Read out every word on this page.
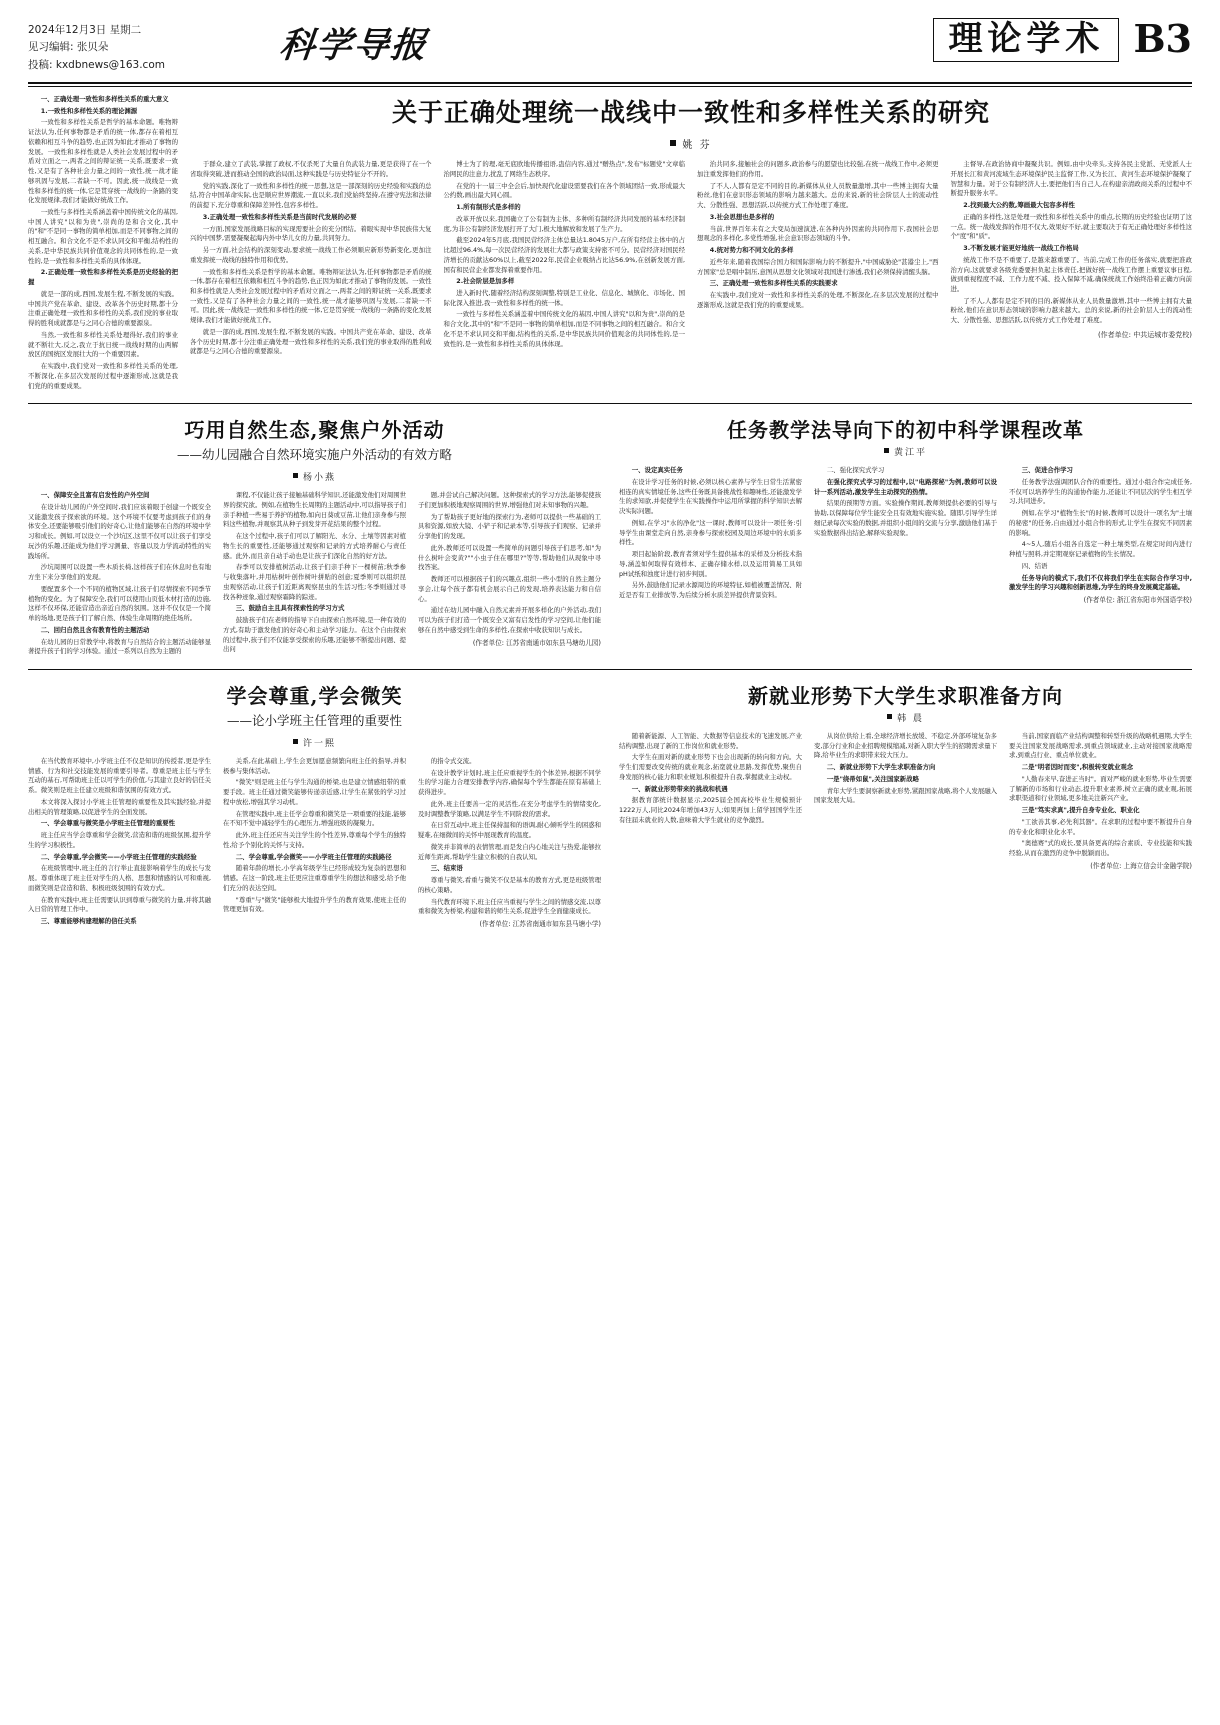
2024年12月3日 星期二
见习编辑: 张贝朵
投稿: kxdbnews@163.com	科学导报	理论学术 B3

一、正确处理一致性和多样性关系的重大意义

1.一致性和多样性关系的理论渊源

一致性和多样性关系是哲学的基本命题。唯物辩证法认为,任何事物都是矛盾的统一体,都存在着相互依赖和相互斗争的趋势,也正因为如此才推动了事物的发展。一致性和多样性就是人类社会发展过程中的矛盾对立面之一,两者之间的辩证统一关系,既要求一致性,又是有了各种社会力量之间的一致性,统一战才能够巩固与发展,二者缺一不可。因此,统一战线是一致性和多样性的统一体,它是贯穿统一战线的一条路的变化发展规律,我们才能做好统战工作。

一致性与多样性关系涵盖着中国传统文化的基因,中国人讲究"以和为贵",崇尚的是和合文化,其中的"和"不是同一事物的简单相加,而是不同事物之间的相互融合。和合文化不是不求认同交和平衡,结构性的关系,是中华民族共同价值观念的共同体性的,是一致性的,是一致性和多样性关系的具体体现。

2.正确处理一致性和多样性关系是历史经验的把握

就是一部的成,西国,发展生程,不断发展的实践。中国共产党在革命、建设、改革各个历史时期,都十分注重正确处理一致性和多样性的关系,我们党的事业取得的胜利成就都是与之同心合德的重要源泉。

当然,一致性和多样性关系处理得好,我们的事业就不断壮大,反之,我立于抗日统一战线时期的山两解放区的国统区发展壮大的一个重要因素。

在实践中,我们党对一致性和多样性关系的处理,不断深化,在多层次发展的过程中逐渐形成,这就是我们党的的重要成果。

关于正确处理统一战线中一致性和多样性关系的研究
姚 芬

于群众,建立了武装,掌握了政权,不仅杀死了大量自负武装力量,更是获得了在一个省取得突破,进而推动全国的政治局面,这种实践是与历史特征分不开的。

党的实践,深化了一致性和多样性的统一思想,这是一部深刻的历史经验和实践的总结,符合中国革命实际,也是顺应世界潮流,一直以来,我们党始终坚持,在遵守宪法和法律的前提下,充分尊重和保障差异性,包容多样性。

3.正确处理一致性和多样性关系是当前时代发展的必要

一方面,国家发展战略目标的实现需要社会的充分团结。着眼实现中华民族伟大复兴的中国梦,需要凝聚起海内外中华儿女的力量,共同努力。

另一方面,社会结构的深刻变动,要求统一战线工作必须顺应新形势新变化,更加注重发挥统一战线的独特作用和优势。

一致性和多样性关系是哲学的基本命题。唯物辩证法认为,任何事物都是矛盾的统一体,都存在着相互依赖和相互斗争的趋势,也正因为如此才推动了事物的发展。一致性和多样性就是人类社会发展过程中的矛盾对立面之一,两者之间的辩证统一关系,既要求一致性,又是有了各种社会力量之间的一致性,统一战才能够巩固与发展,二者缺一不可。因此,统一战线是一致性和多样性的统一体,它是贯穿统一战线的一条路的变化发展规律,我们才能做好统战工作。

就是一部的成,西国,发展生程,不断发展的实践。中国共产党在革命、建设、改革各个历史时期,都十分注重正确处理一致性和多样性的关系,我们党的事业取得的胜利成就都是与之同心合德的重要源泉。

博士为了的理,毫无底欧地传播祖语,蛊信内容,通过"赠热点",发布"标题党"文章临治网民的注意力,扰乱了网络生态秩序。

在党的十一届三中全会后,加快现代化建设需要我们在各个领域团结一致,形成最大公约数,画出最大同心圆。

1.所有制形式是多样的

改革开放以来,我国确立了公有制为主体、多种所有制经济共同发展的基本经济制度,为非公有制经济发展打开了大门,极大地解放和发展了生产力。

截至2024年5月底,我国民营经济主体总量达1.8045万户,在所有经营主体中的占比超过96.4%,每一次民营经济的发展壮大都与政策支持密不可分。民营经济对国民经济增长的贡献达60%以上,截至2022年,民营企业吸纳占比达56.9%,在创新发展方面,国有和民营企业都发挥着重要作用。

2.社会阶层是加多样

进入新时代,随着经济结构深刻调整,特别是工业化、信息化、城镇化、市场化、国际化深入推进,我一致性和多样性的统一体。

一致性与多样性关系涵盖着中国传统文化的基因,中国人讲究"以和为贵",崇尚的是和合文化,其中的"和"不是同一事物的简单相加,而是不同事物之间的相互融合。和合文化不是不求认同交和平衡,结构性的关系,是中华民族共同价值观念的共同体性的,是一致性的,是一致性和多样性关系的具体体现。

治共同多,接触社会的问题多,政治参与的愿望也比较强,在统一战线工作中,必须更加注重发挥他们的作用。

了不人,人都有是定不同的目的,新媒体从业人员数量激增,其中一些博主拥有大量粉丝,他们在意识形态领域的影响力越来越大。总的来说,新的社会阶层人士的流动性大、分散性强、思想活跃,以传统方式工作处理了难度。

3.社会思想也是多样的

当前,世界百年未有之大变局加速演进,在各种内外因素的共同作用下,我国社会思想观念的多样化,多党性增强,社会意识形态领域的斗争。

4.统对势力和不同文化的多样

近些年来,随着我国综合国力和国际影响力的不断提升,"中国威胁论"甚嚣尘上,"西方国家"总是唱中制压,意图从思想文化领域对我国进行渗透,我们必须保持清醒头脑。

三、正确处理一致性和多样性关系的实践要求

在实践中,我们党对一致性和多样性关系的处理,不断深化,在多层次发展的过程中逐渐形成,这就是我们党的的重要成果。

主督导,在政治协商中凝聚共识。例如,由中央牵头,支持各民主党派、无党派人士开展长江和黄河流域生态环境保护民主监督工作,又为长江、黄河生态环境保护凝聚了智慧和力量。对于公有制经济人士,要把他们当自己人,在构建亲清政商关系的过程中不断提升服务水平。

2.找到最大公约数,筹画最大包容多样性

正确的多样性,这是处理一致性和多样性关系中的重点,长期的历史经验也证明了这一点。统一战线发挥的作用不仅大,效果好不好,就主要取决于有无正确处理好多样性这个"度"和"质"。

3.不断发展才能更好地统一战线工作格局

统战工作不是不重要了,是越来越重要了。当前,完成工作的任务落实,就要把准政治方向,这就要求各级党委要担负起主体责任,把做好统一战线工作摆上重要议事日程,做到重视程度不减、工作力度不减、投入保障不减,确保统战工作始终沿着正确方向前进。

了不人,人都有是定不同的目的,新媒体从业人员数量激增,其中一些博主拥有大量粉丝,他们在意识形态领域的影响力越来越大。总的来说,新的社会阶层人士的流动性大、分散性强、思想活跃,以传统方式工作处理了难度。

(作者单位: 中共运城市委党校)
巧用自然生态,聚焦户外活动
——幼儿园融合自然环境实施户外活动的有效方略
杨小燕

一、保障安全且富有启发性的户外空间

在设计幼儿园的户外空间时,我们应该着眼于创建一个既安全又能激发孩子探索欲的环境。这个环境不仅要考虑到孩子们的身体安全,还要能够吸引他们的好奇心,让他们能够在自然的环境中学习和成长。例如,可以设立一个沙坑区,这里不仅可以让孩子们享受玩沙的乐趣,还能成为他们学习测量、容量以及力学流动特性的实践场所。

沙坑周围可以设置一些木质长椅,这样孩子们在休息时也有地方坐下来分享他们的发现。

要配置多个一个不同的植物区域,让孩子们尽情探索不同季节植物的变化。为了保障安全,我们可以使用山页低木材打造的边施,这样不仅环保,还能营造出亲近自然的氛围。这并不仅仅是一个简单的场地,更是孩子们了解自然、体验生命周期的绝佳场所。

二、回归自然且含有教育性的主题活动

在幼儿园的日常教学中,将教育与自然结合的主题活动能够显著提升孩子们的学习体验。通过一系列以自然为主题的

课程,不仅能让孩子接触基础科学知识,还能激发他们对周围世界的探究欲。例如,在植物生长周期的主题活动中,可以指导孩子们亲手种植一些易于养护的植物,如向日葵或豆苗,让他们亲身参与照料这些植物,并观察其从种子到发芽开花结果的整个过程。

在这个过程中,孩子们可以了解阳光、水分、土壤等因素对植物生长的重要性,还能够通过观察和记录的方式培养耐心与责任感。此外,而且亲自动手动也是让孩子们深化自然的好方法。

春季可以安排植树活动,让孩子们亲手种下一棵树苗;秋季参与收集落叶,并用枯树叶创作树叶拼贴的创意;夏季则可以组织昆虫观察活动,让孩子们近距离观察昆虫的生活习性;冬季则通过寻找各种迹象,通过观察霜降的踪迹。

三、鼓励自主且具有探索性的学习方式

鼓励孩子们在老师的指导下自由探索自然环境,是一种有效的方式,有助于激发他们的好奇心和主动学习能力。在这个自由探索的过程中,孩子们不仅能享受探索的乐趣,还能够不断提出问题、提出问

题,并尝试自己解决问题。这种探索式的学习方法,能够促使孩子们更加积极地观察周围的世界,增强他们对未知事物的兴趣。

为了帮助孩子更好地的探索行为,老师可以提供一些基础的工具和资源,如放大镜、小铲子和记录本等,引导孩子们观察、记录并分享他们的发现。

此外,教师还可以设置一些简单的问题引导孩子们思考,如"为什么树叶会变黄?""小虫子住在哪里?"等等,帮助他们从现象中寻找答案。

教师还可以根据孩子们的兴趣点,组织一些小型的自然主题分享会,让每个孩子都有机会展示自己的发现,培养表达能力和自信心。

通过在幼儿园中融入自然元素并开展多样化的户外活动,我们可以为孩子们打造一个既安全又富有启发性的学习空间,让他们能够在自然中感受到生命的多样性,在探索中收获知识与成长。

(作者单位: 江苏省南通市如东县马塘幼儿园)
任务教学法导向下的初中科学课程改革
黄江平

一、设定真实任务

在设计学习任务的时候,必须以核心素养与学生日常生活紧密相连的真实情境任务,这些任务既具备挑战性和趣味性,还能激发学生的求知欲,并促使学生在实践操作中运用所掌握的科学知识去解决实际问题。

例如,在学习"水的净化"这一课时,教师可以设计一项任务:引导学生由课堂走向自然,亲身参与探索校园及周边环境中的水质多样性。

项目起始阶段,教育者须对学生提供基本的采样及分析技术指导,涵盖如何取得有效样本、正确存储水样,以及运用简易工具如pH试纸和浊度计进行初步判别。

另外,鼓励他们记录水源周边的环境特征,如植被覆盖情况、附近是否有工业排放等,为后续分析水质差异提供背景资料。

二、强化探究式学习

在强化探究式学习的过程中,以"电路探秘"为例,教师可以设计一系列活动,激发学生主动探究的热情。

结果的预期等方面。实验操作期间,教师须提供必要的引导与协助,以保障每位学生能安全且有效地实施实验。随即,引导学生详细记录每次实验的数据,并组织小组间的交流与分享,激励他们基于实验数据得出结论,解释实验现象。

三、促进合作学习

任务教学法强调团队合作的重要性。通过小组合作完成任务,不仅可以培养学生的沟通协作能力,还能让不同层次的学生相互学习,共同进步。

例如,在学习"植物生长"的时候,教师可以设计一项名为"土壤的秘密"的任务,自由通过小组合作的形式,让学生在探究不同因素的影响。

4~5人,随后小组各自选定一种土壤类型,在规定时间内进行种植与照料,并定期观察记录植物的生长情况。

四、结语

任务导向的模式下,我们不仅将我们学生在实际合作学习中,激发学生的学习兴趣和创新思维,为学生的终身发展奠定基础。

(作者单位: 浙江省东阳市外国语学校)
学会尊重,学会微笑
——论小学班主任管理的重要性
许一熙

在当代教育环境中,小学班主任不仅是知识的传授者,更是学生情感、行为和社交技能发展的重要引导者。尊重是班主任与学生互动的基石,可帮助班主任以可学生的价值,与其建立良好的信任关系。微笑则是班主任建立班级和谐氛围的有效方式。

本文将深入探讨小学班主任管理的重要性及其实践经验,并提出相关的管理策略,以促进学生的全面发展。

一、学会尊重与微笑是小学班主任管理的重要性

班主任应当学会尊重和学会微笑,营造和谐的班级氛围,提升学生的学习积极性。

二、学会尊重,学会微笑——小学班主任管理的实践经验

在班级管理中,班主任的言行举止直接影响着学生的成长与发展。尊重体现了班主任对学生的人格、思想和情感的认可和重视,而微笑则是营造和谐、积极班级氛围的有效方式。

在教育实践中,班主任需要认识到尊重与微笑的力量,并将其融入日常的管理工作中。

三、尊重能够构建理解的信任关系

关系,在此基础上,学生会更加愿意频繁向班主任的指导,并积极参与集体活动。

"微笑"则是班主任与学生沟通的桥梁,也是建立情感纽带的重要手段。班主任通过微笑能够传递亲近感,让学生在紧张的学习过程中放松,增强其学习动机。

在管理实践中,班主任学会尊重和微笑是一项重要的技能,能够在不知不觉中减轻学生的心理压力,增强班级的凝聚力。

此外,班主任还应当关注学生的个性差异,尊重每个学生的独特性,给予个别化的关怀与支持。

二、学会尊重,学会微笑——小学班主任管理的实践路径

随着年龄的增长,小学高年级学生已经形成较为复杂的思想和情感。在这一阶段,班主任更应注重尊重学生的想法和感受,给予他们充分的表达空间。

"尊重"与"微笑"能够极大地提升学生的教育效果,使班主任的管理更加有效。

的指令式交流。

在设计教学计划时,班主任应重视学生的个体差异,根据不同学生的学习能力合理安排教学内容,确保每个学生都能在原有基础上获得进步。

此外,班主任要善一定的灵活性,在充分考虑学生的情绪变化,及时调整教学策略,以满足学生不同阶段的需求。

在日常互动中,班主任保持温和的语调,耐心倾听学生的困惑和疑难,在细微间的关怀中展现教育的温度。

微笑并非简单的表情管理,而是发自内心地关注与热爱,能够拉近师生距离,帮助学生建立积极的自我认知。

三、结束语

尊重与微笑,看重与微笑不仅是基本的教育方式,更是班级管理的核心策略。

当代教育环境下,班主任应当重视与学生之间的情感交流,以尊重和微笑为桥梁,构建和谐的师生关系,促进学生全面健康成长。

(作者单位: 江苏省南通市如东县马塘小学)
新就业形势下大学生求职准备方向
韩 晨

随着新能源、人工智能、大数据等信息技术的飞速发展,产业结构调整,出现了新的工作岗位和就业形势。

大学生在面对新的就业形势下也会出现新的转向和方向。大学生们需要改变传统的就业观念,拓宽就业思路,发挥优势,聚焦自身发展的核心能力和职业规划,积极提升自我,掌握就业主动权。

一、新就业形势带来的挑战和机遇

据教育部统计数据显示,2025届全国高校毕业生规模预计1222万人,同比2024年增加43万人;如果再加上留学回国学生还有往届未就业的人数,意味着大学生就业的竞争激烈。

从岗位供给上看,全球经济增长放缓、不稳定,外部环境复杂多变,部分行业和企业招聘规模缩减,对新入职大学生的招聘需求量下降,给毕业生的求职带来较大压力。

二、新就业形势下大学生求职准备方向

一是"绕帚如鼠",关注国家新战略

青年大学生要洞察新就业形势,紧跟国家战略,将个人发展融入国家发展大局。

当前,国家面临产业结构调整和转型升级的战略机遇期,大学生要关注国家发展战略需求,到重点领域就业,主动对接国家战略需求,到重点行业、重点单位就业。

二是"明者因时而变",积极转变就业观念

"人勤春来早,奋进正当时"。面对严峻的就业形势,毕业生需要了解新的市场和行业动态,提升职业素养,树立正确的就业观,拓展求职渠道和行业领域,更多地关注新兴产业。

三是"笃实求真",提升自身专业化、职业化

"工欲善其事,必先利其器"。在求职的过程中要不断提升自身的专业化和职业化水平。

"奥德赛"式的成长,要具备更高的综合素质、专业技能和实践经验,从而在激烈的竞争中脱颖而出。

(作者单位: 上海立信会计金融学院)
